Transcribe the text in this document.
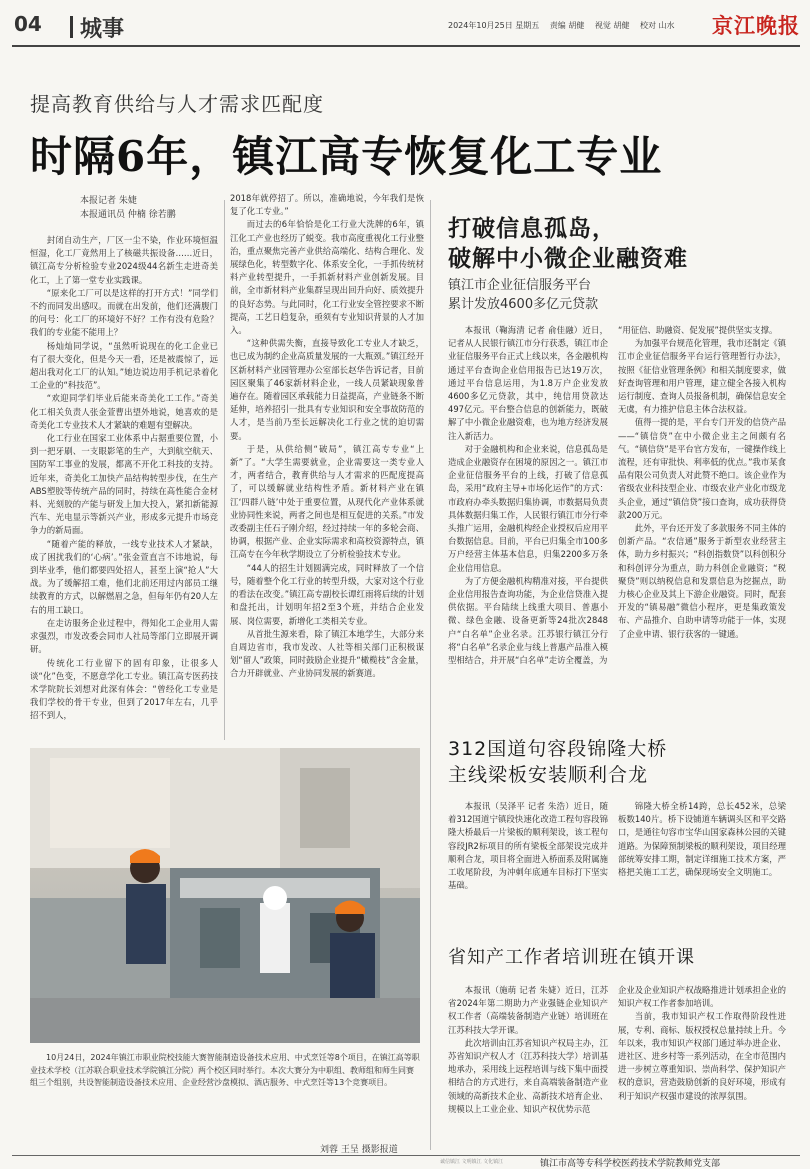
04 城事	2024年10月25日 星期五 责编 胡健 视觉 胡健 校对 山水	京江晚报
提高教育供给与人才需求匹配度
时隔6年，镇江高专恢复化工专业
本报记者 朱婕
本报通讯员 仲楠 徐若鹏

封闭自动生产，厂区一尘不染，作业环境恒温恒湿，化工厂竟然用上了核磁共振设备……近日，镇江高专分析检验专业2024级44名新生走进奇美化工，上了第一堂专业实践课。

“原来化工厂可以是这样的打开方式！”同学们不约而同发出感叹。而就在出发前，他们还满腹门的问号：化工厂的环境好不好？工作有没有危险？我们的专业能不能用上？

杨灿灿同学说，“虽然听说现在的化工企业已有了很大变化，但是今天一看，还是被震惊了，远超出我对化工厂的认知。”她边说边用手机记录着化工企业的“科技范”。

“欢迎同学们毕业后能来奇美化工工作。”奇美化工相关负责人张金萱曹出望外地说，她喜欢的是奇美化工专业技术人才紧缺的难题有望解决。

化工行业在国家工业体系中占据重要位置，小到一把牙刷、一支眼影笔的生产，大到航空航天、国防军工事业的发展，都离不开化工科技的支持。近年来，奇美化工加快产品结构转型步伐，在生产ABS塑胶等传统产品的同时，持续在高性能合金材料、光刻胶的产能与研发上加大投入，紧扣新能源汽车、光电显示等新兴产业，形成多元提升市场竞争力的新局面。

“随着产能的释放，一线专业技术人才紧缺，成了困扰我们的‘心病’。”张金萱直言不讳地说，每到毕业季，他们都要四处招人，甚至上演“抢人”大战。为了缓解招工难，他们北前还用过内部员工继续教育的方式，以解燃眉之急，但每年仍有20人左右的用工缺口。

在走访服务企业过程中，得知化工企业用人需求强烈，市发改委会同市人社局等部门立即展开调研。

传统化工行业留下的固有印象，让很多人谈“化”色变，不愿意学化工专业。镇江高专医药技术学院院长刘想对此深有体会：“曾经化工专业是我们学校的骨干专业，但到了2017年左右，几乎招不到人，

2018年就停招了。所以，准确地说，今年我们是恢复了化工专业。”

而过去的6年恰恰是化工行业大洗牌的6年，镇江化工产业也经历了蜕变。我市高度重视化工行业整治，重点聚焦完善产业供给高端化、结构合理化、发展绿色化，转型数字化、体系安全化，一手抓传统材料产业转型提升，一手抓新材料产业创新发展。目前，全市新材料产业集群呈现出回升向好、质效提升的良好态势。与此同时，化工行业安全管控要求不断提高，工艺日趋复杂，亟须有专业知识背景的人才加入。

“这种供需失衡，直接导致化工专业人才缺乏，也已成为制约企业高质量发展的一大瓶颈。”镇江经开区新材料产业园管理办公室部长赵华告诉记者，目前园区聚集了46家新材料企业，一线人员紧缺现象普遍存在。随着园区承载能力日益提高，产业链条不断延伸，培养招引一批具有专业知识和安全事故防范的人才，是当前乃至长远解决化工行业之忧的迫切需要。

于是，从供给侧“破局”，镇江高专专业“上新”了。“大学生需要就业，企业需要这一类专业人才，两者结合，教育供给与人才需求的匹配度提高了，可以缓解就业结构性矛盾。新材料产业在镇江‘四群八链’中处于重要位置，从现代化产业体系就业协同性来说，两者之间也是相互促进的关系。”市发改委副主任石子刚介绍，经过持续一年的多轮会商、协调，根据产业、企业实际需求和高校资源特点，镇江高专在今年秋学期设立了分析检验技术专业。

“44人的招生计划圆满完成，同时释放了一个信号，随着整个化工行业的转型升级，大家对这个行业的看法在改变。”镇江高专副校长谭红雨将后续的计划和盘托出，计划明年招2至3个班，并结合企业发展、岗位需要，新增化工类相关专业。

从首批生源来看，除了镇江本地学生，大部分来自周边省市，我市发改、人社等相关部门正积极谋划“留人”政策，同时鼓励企业提升“橄榄枝”含金量，合力开辟就业、产业协同发展的新赛道。

10月24日，2024年镇江市职业院校技能大赛智能制造设备技术应用、中式烹饪等8个项目，在镇江高等职业技术学校（江苏联合职业技术学院镇江分院）两个校区同时举行。本次大赛分为中职组、教师组和师生同赛组三个组别，共设智能制造设备技术应用、企业经营沙盘模拟、酒店服务、中式烹饪等13个竞赛项目。

刘蓉 王呈 摄影报道
打破信息孤岛，
破解中小微企业融资难
镇江市企业征信服务平台
累计发放4600多亿元贷款

本报讯（鞠海清 记者 俞佳融）近日，记者从人民银行镇江市分行获悉，镇江市企业征信服务平台正式上线以来，各金融机构通过平台查询企业信用报告已达19万次，通过平台信息运用，为1.8万户企业发放4600多亿元贷款，其中，纯信用贷款达497亿元。平台整合信息的创新能力，既破解了中小微企业融资难，也为地方经济发展注入新活力。

对于金融机构和企业来说，信息孤岛是造成企业融资存在困境的原因之一。镇江市企业征信服务平台的上线，打破了信息孤岛，采用“政府主导+市场化运作”的方式：市政府办牵头数据归集协调，市数据局负责具体数据归集工作，人民银行镇江市分行牵头推广运用，金融机构经企业授权后应用平台数据信息。目前，平台已归集全市100多万户经营主体基本信息，归集2200多万条企业信用信息。

为了方便金融机构精准对接，平台提供企业信用报告查询功能，为企业信贷准入提供依据。平台陆续上线重大项目、普惠小微、绿色金融、设备更新等24批次2848户“白名单”企业名录。江苏银行镇江分行将“白名单”名录企业与线上普惠产品准入模型相结合，并开展“白名单”走访全覆盖，为

“用征信、助融资、促发展”提供坚实支撑。

为加强平台规范化管理，我市还制定《镇江市企业征信服务平台运行管理暂行办法》，按照《征信业管理条例》和相关制度要求，做好查询管理和用户管理，建立健全各接入机构运行制度、查询人员报备机制，确保信息安全无虞，有力推护信息主体合法权益。

值得一提的是，平台专门开发的信贷产品——“镇信贷”在中小微企业主之间颇有名气。“镇信贷”是平台官方发布，一键操作线上流程，还有审批快、利率低的优点。”我市某食品有限公司负责人对此赞不绝口。该企业作为省级农业科技型企业、市级农业产业化市级龙头企业，通过“镇信贷”接口查询，成功获得贷款200万元。

此外，平台还开发了多款服务不同主体的创新产品。“农信通”服务于新型农业经营主体，助力乡村振兴；“科创指数贷”以科创积分和科创评分为重点，助力科创企业融资；“税聚贷”则以纳税信息和发票信息为挖掘点，助力核心企业及其上下游企业融资。同时，配套开发的“镇易融”微信小程序，更是集政策发布、产品推介、自助申请等功能于一体，实现了企业申请、银行获客的一键通。

312国道句容段锦隆大桥
主线梁板安装顺利合龙

本报讯（吴泽平 记者 朱浩）近日，随着312国道宁镇段快速化改造工程句容段锦隆大桥最后一片梁板的顺利架设，该工程句容段JR2标项目的所有梁板全部架设完成并顺利合龙，项目将全面进入桥面系及附属施工收尾阶段，为冲刺年底通车目标打下坚实基础。

锦隆大桥全桥14跨，总长452米，总梁板数140片。桥下设铺道车辆调头区和平交路口，是通往句容市宝华山国家森林公园的关键道路。为保障预制梁板的顺利架设，项目经理部统筹安排工期，制定详细施工技术方案，严格把关施工工艺，确保现场安全文明施工。

省知产工作者培训班在镇开课

本报讯（施萌 记者 朱婕）近日，江苏省2024年第二期助力产业强链企业知识产权工作者（高端装备制造产业链）培训班在江苏科技大学开课。

此次培训由江苏省知识产权局主办，江苏省知识产权人才（江苏科技大学）培训基地承办，采用线上远程培训与线下集中面授相结合的方式进行，来自高端装备制造产业领域的高新技术企业、高新技术培育企业、规模以上工业企业、知识产权优势示范

企业及企业知识产权战略推进计划承担企业的知识产权工作者参加培训。

当前，我市知识产权工作取得阶段性进展，专利、商标、版权授权总量持续上升。今年以来，我市知识产权部门通过举办进企业、进社区、进乡村等一系列活动，在全市范围内进一步树立尊重知识、崇尚科学、保护知识产权的意识，营造鼓励创新的良好环境，形成有利于知识产权强市建设的浓厚氛围。

诚信镇江 文明镇江 文化镇江	镇江市高等专科学校医药技术学院教师党支部
